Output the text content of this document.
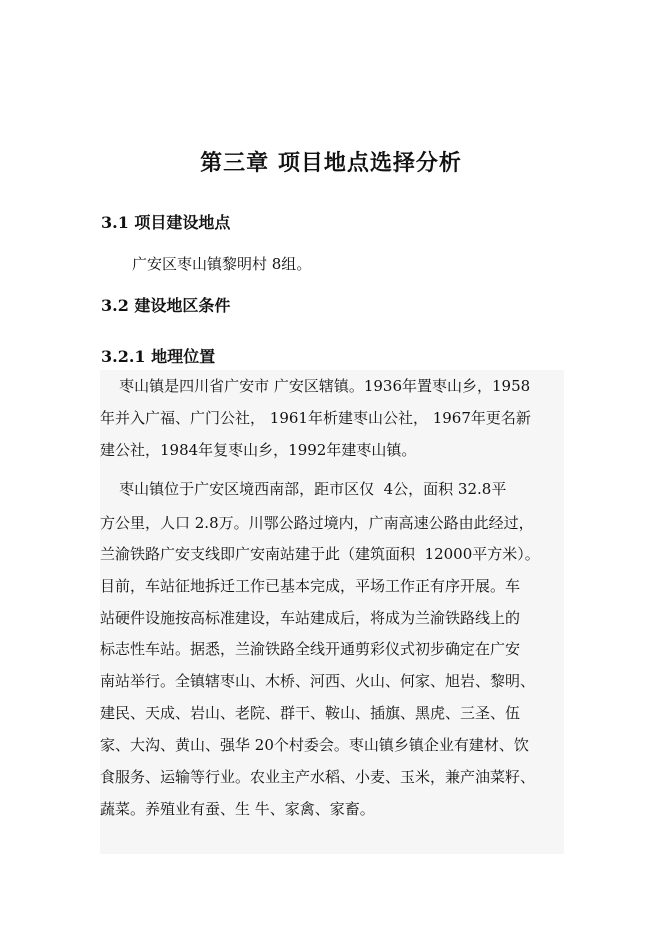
第三章 项目地点选择分析
3.1 项目建设地点

广安区枣山镇黎明村 8组。

3.2 建设地区条件
3.2.1 地理位置
枣山镇是四川省广安市 广安区辖镇。1936年置枣山乡，1958
年并入广福、广门公社， 1961年析建枣山公社， 1967年更名新
建公社，1984年复枣山乡，1992年建枣山镇。
枣山镇位于广安区境西南部，距市区仅  4公，面积 32.8平
方公里，人口 2.8万。川鄂公路过境内，广南高速公路由此经过，
兰渝铁路广安支线即广安南站建于此（建筑面积  12000平方米）。
目前，车站征地拆迁工作已基本完成，平场工作正有序开展。车
站硬件设施按高标准建设，车站建成后，将成为兰渝铁路线上的
标志性车站。据悉，兰渝铁路全线开通剪彩仪式初步确定在广安
南站举行。全镇辖枣山、木桥、河西、火山、何家、旭岩、黎明、
建民、天成、岩山、老院、群干、鞍山、插旗、黑虎、三圣、伍
家、大沟、黄山、强华 20个村委会。枣山镇乡镇企业有建材、饮
食服务、运输等行业。农业主产水稻、小麦、玉米，兼产油菜籽、
蔬菜。养殖业有蚕、生 牛、家禽、家畜。
